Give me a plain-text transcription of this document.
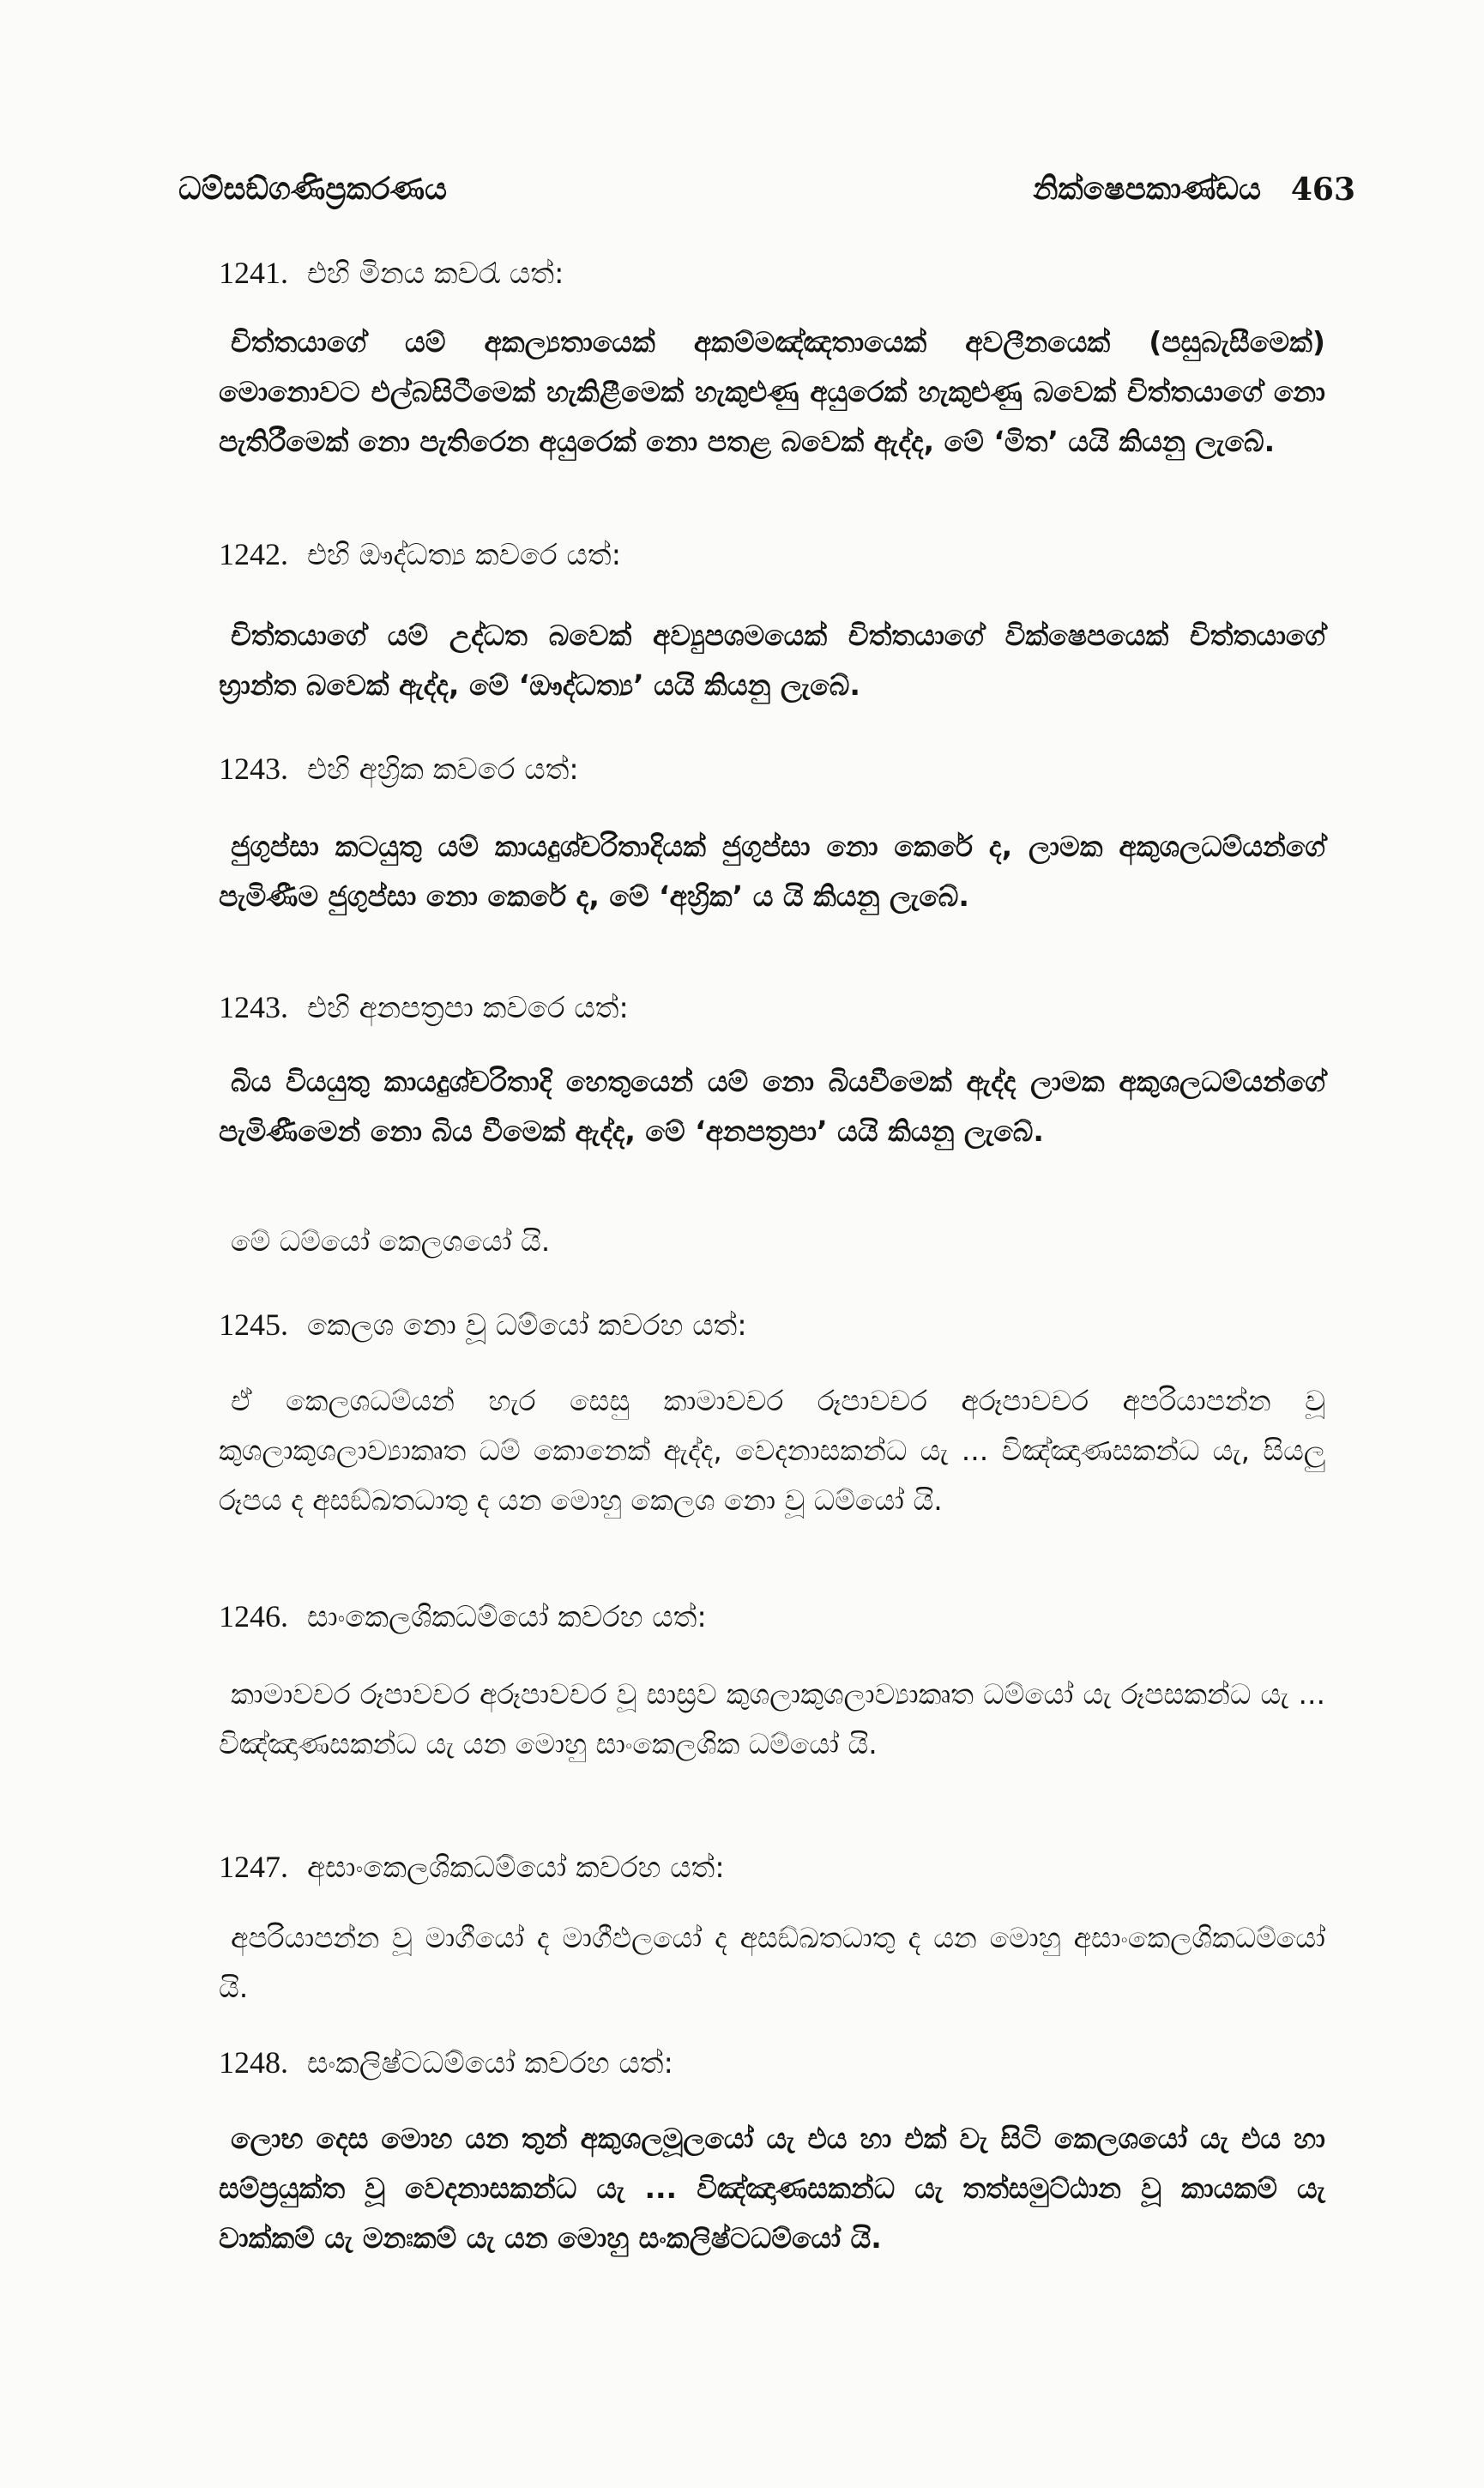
ධම්සඞ්ගණිප්‍රකරණය	නික්ෂෙපකාණ්ඩය 463
1241. එහි මිනය කවරැ යත්:
චිත්තයාගේ යම් අකල්‍යතායෙක් අකම්මඤ්ඤතායෙක් අවලීනයෙක් (පසුබැසීමෙක්) මොනොවට එල්බසිටීමෙක් හැකිළීමෙක් හැකුළුණු අයුරෙක් හැකුළුණු බවෙක් චිත්තයාගේ නො පැතිරීමෙක් නො පැතිරෙන අයුරෙක් නො පතළ බවෙක් ඇද්ද, මේ ‘මිත’ යයි කියනු ලැබේ.
1242. එහි ඖද්ධත්‍ය කවරෙ යත්:
චිත්තයාගේ යම් උද්ධත බවෙක් අව්‍යුපශමයෙක් චිත්තයාගේ වික්ෂෙපයෙක් චිත්තයාගේ භ්‍රාන්ත බවෙක් ඇද්ද, මේ ‘ඖද්ධත්‍ය’ යයි කියනු ලැබේ.
1243. එහි අහ්‍රික කවරෙ යත්:
ජුගුප්සා කටයුතු යම් කායදුශ්චරිතාදියක් ජුගුප්සා නො කෙරේ ද, ලාමක අකුශලධම්යන්ගේ පැමිණීම ජුගුප්සා නො කෙරේ ද, මේ ‘අහ්‍රික’ ය යි කියනු ලැබේ.
1243. එහි අනපත්‍රපා කවරෙ යත්:
බිය වියයුතු කායදුශ්චරිතාදි හෙතුයෙන් යම් නො බියවීමෙක් ඇද්ද ලාමක අකුශලධම්යන්ගේ පැමිණීමෙන් නො බිය වීමෙක් ඇද්ද, මේ ‘අනපත්‍රපා’ යයි කියනු ලැබේ.
මේ ධම්යෝ කෙලශයෝ යි.
1245. කෙලශ නො වූ ධම්යෝ කවරහ යත්:
ඒ කෙලශධම්යන් හැර සෙසු කාමාවචර රූපාවචර අරූපාවචර අපරියාපන්න වූ කුශලාකුශලාව්‍යාකෘත ධම් කොනෙක් ඇද්ද, වෙදනාසකන්ධ යැ ... විඤ්ඤාණසකන්ධ යැ, සියලු රූපය ද අසඞ්ඛතධාතු ද යන මොහු කෙලශ නො වූ ධම්යෝ යි.
1246. සාංකෙලශිකධම්යෝ කවරහ යත්:
කාමාවචර රූපාවචර අරූපාවචර වූ සාස්‍රව කුශලාකුශලාව්‍යාකෘත ධම්යෝ යැ රූපසකන්ධ යැ ... විඤ්ඤාණසකන්ධ යැ යන මොහු සාංකෙලශික ධම්යෝ යි.
1247. අසාංකෙලශිකධම්යෝ කවරහ යත්:
අපරියාපන්න වූ මාගීයෝ ද මාගීඵලයෝ ද අසඞ්ඛතධාතු ද යන මොහු අසාංකෙලශිකධම්යෝ යි.
1248. සංකලිෂ්ටධම්යෝ කවරහ යත්:
ලොභ දෙස මොහ යන තුන් අකුශලමූලයෝ යැ එය හා එක් වැ සිටි කෙලශයෝ යැ එය හා සම්ප්‍රයුක්ත වූ වෙදනාසකන්ධ යැ ... විඤ්ඤාණසකන්ධ යැ තත්සමුට්ඨාන වූ කායකම් යැ වාක්කම් යැ මනඃකම් යැ යන මොහු සංකලිෂ්ටධම්යෝ යි.
